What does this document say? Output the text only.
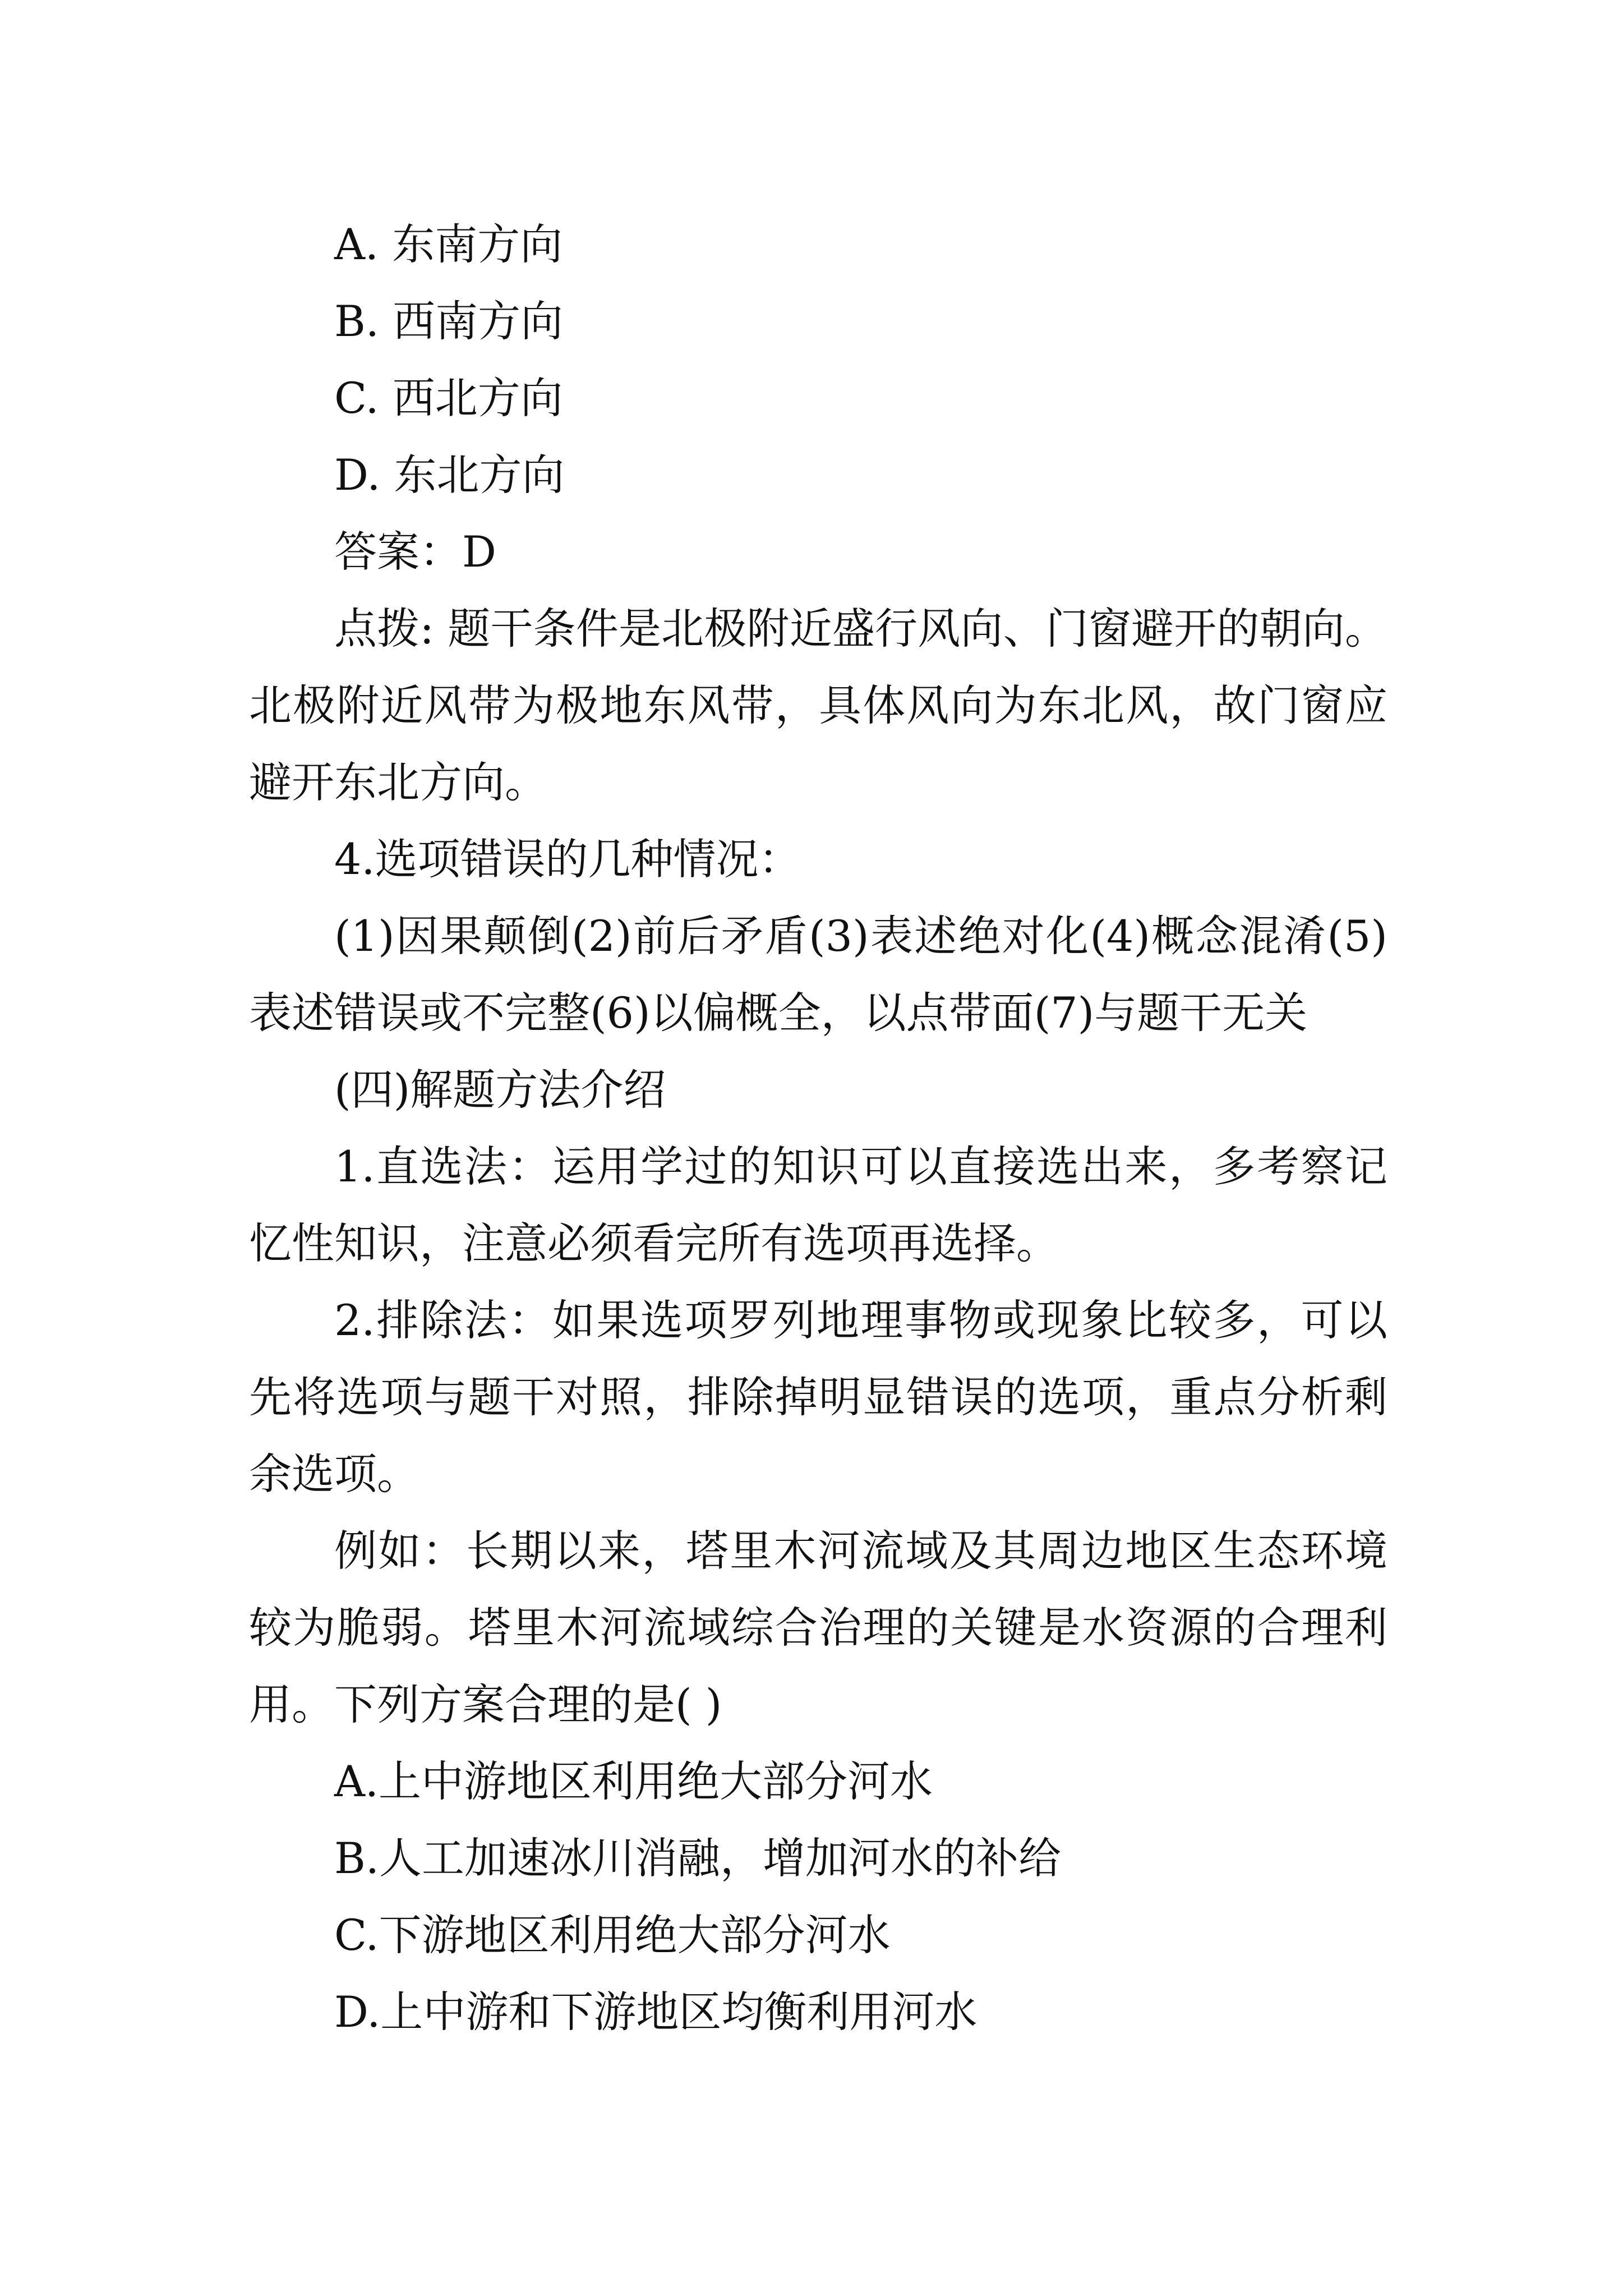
A. 东南方向

B. 西南方向

C. 西北方向

D. 东北方向

答案：D

点拨: 题干条件是北极附近盛行风向、门窗避开的朝向。北极附近风带为极地东风带，具体风向为东北风，故门窗应避开东北方向。

4.选项错误的几种情况：

(1)因果颠倒(2)前后矛盾(3)表述绝对化(4)概念混淆(5)表述错误或不完整(6)以偏概全，以点带面(7)与题干无关

(四)解题方法介绍

1.直选法：运用学过的知识可以直接选出来，多考察记忆性知识，注意必须看完所有选项再选择。

2.排除法：如果选项罗列地理事物或现象比较多，可以先将选项与题干对照，排除掉明显错误的选项，重点分析剩余选项。

例如：长期以来，塔里木河流域及其周边地区生态环境较为脆弱。塔里木河流域综合治理的关键是水资源的合理利用。下列方案合理的是( )

A.上中游地区利用绝大部分河水

B.人工加速冰川消融，增加河水的补给

C.下游地区利用绝大部分河水

D.上中游和下游地区均衡利用河水
